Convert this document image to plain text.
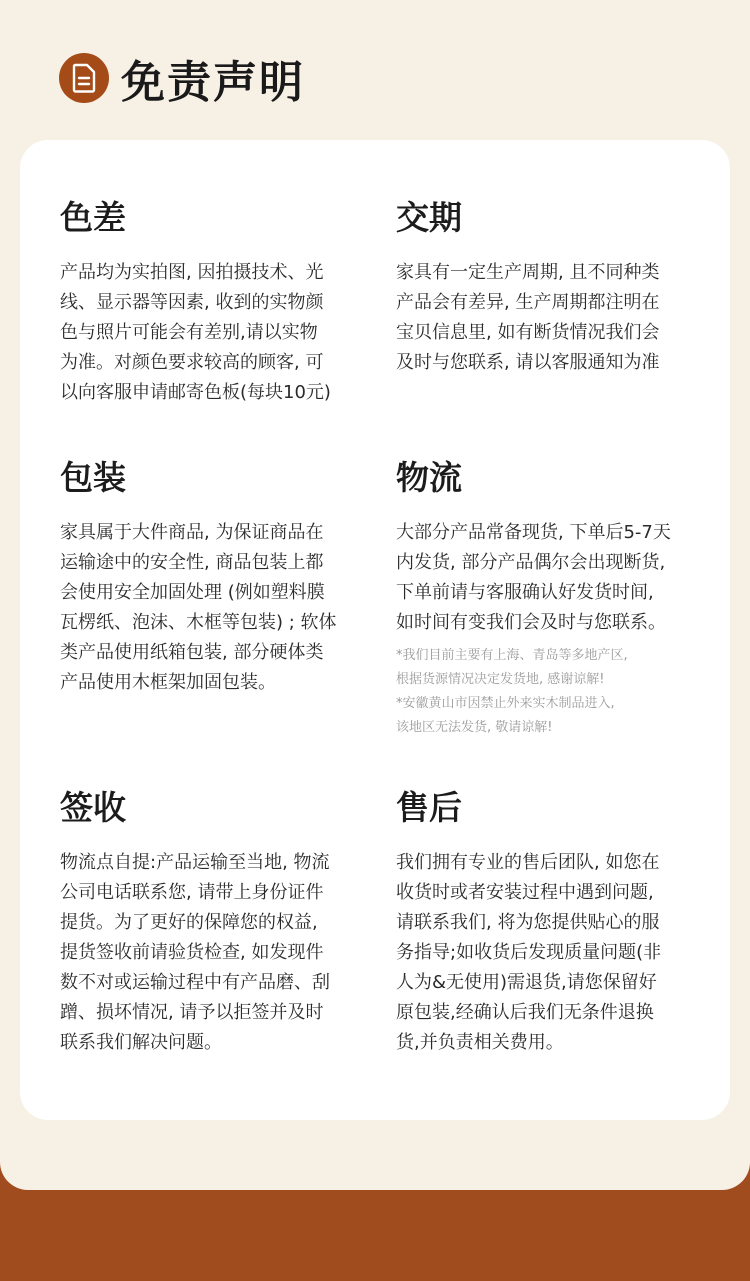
免责声明
色差
产品均为实拍图, 因拍摄技术、光
线、显示器等因素, 收到的实物颜
色与照片可能会有差别,请以实物
为准。对颜色要求较高的顾客, 可
以向客服申请邮寄色板(每块10元)
交期
家具有一定生产周期, 且不同种类
产品会有差异, 生产周期都注明在
宝贝信息里, 如有断货情况我们会
及时与您联系, 请以客服通知为准
包装
家具属于大件商品, 为保证商品在
运输途中的安全性, 商品包装上都
会使用安全加固处理 (例如塑料膜
瓦楞纸、泡沫、木框等包装) ; 软体
类产品使用纸箱包装, 部分硬体类
产品使用木框架加固包装。
物流
大部分产品常备现货, 下单后5-7天
内发货, 部分产品偶尔会出现断货,
下单前请与客服确认好发货时间,
如时间有变我们会及时与您联系。
*我们目前主要有上海、青岛等多地产区,
根据货源情况决定发货地, 感谢谅解!
*安徽黄山市因禁止外来实木制品进入,
该地区无法发货, 敬请谅解!
签收
物流点自提:产品运输至当地, 物流
公司电话联系您, 请带上身份证件
提货。为了更好的保障您的权益,
提货签收前请验货检查, 如发现件
数不对或运输过程中有产品磨、刮
蹭、损坏情况, 请予以拒签并及时
联系我们解决问题。
售后
我们拥有专业的售后团队, 如您在
收货时或者安装过程中遇到问题,
请联系我们, 将为您提供贴心的服
务指导;如收货后发现质量问题(非
人为&无使用)需退货,请您保留好
原包装,经确认后我们无条件退换
货,并负责相关费用。
